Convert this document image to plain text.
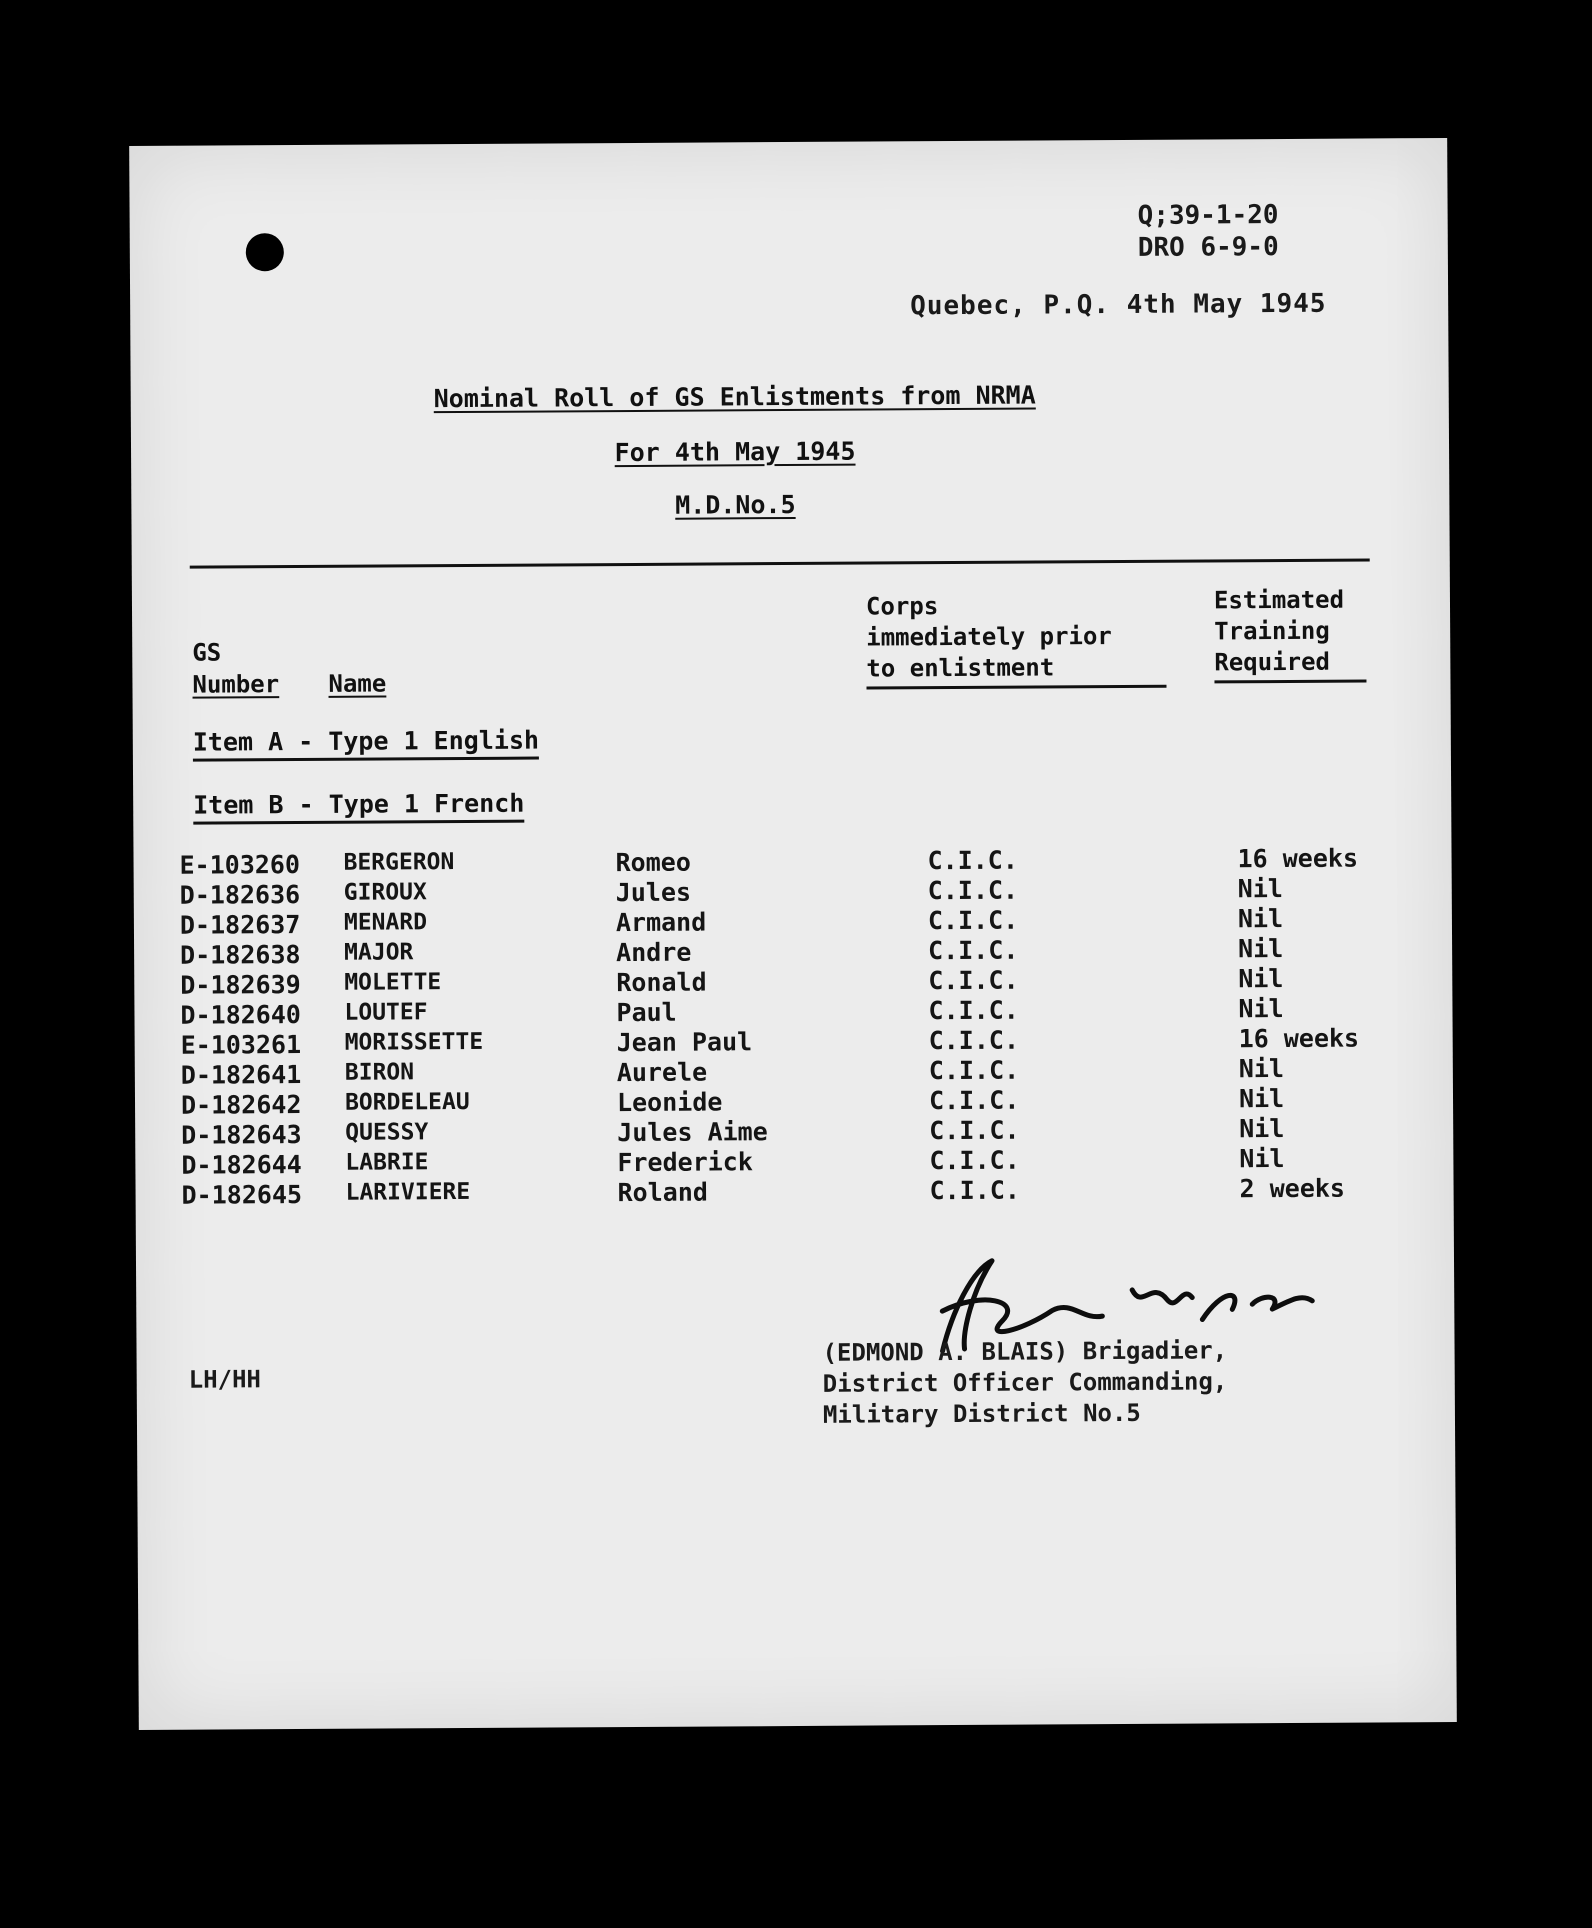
Q;39-1-20
DRO 6-9-0
Quebec, P.Q. 4th May 1945
Nominal Roll of GS Enlistments from NRMA
For 4th May 1945
M.D.No.5
GS
Number Name
Corps
immediately prior
to enlistment
Estimated
Training
Required
Item A - Type 1 English
Item B - Type 1 French
E-103260 BERGERON	Romeo	C.I.C.	16 weeks
D-182636 GIROUX	Jules	C.I.C.	Nil
D-182637 MENARD	Armand	C.I.C.	Nil
D-182638 MAJOR	Andre	C.I.C.	Nil
D-182639 MOLETTE	Ronald	C.I.C.	Nil
D-182640 LOUTEF	Paul	C.I.C.	Nil
E-103261 MORISSETTE	Jean Paul	C.I.C.	16 weeks
D-182641 BIRON	Aurele	C.I.C.	Nil
D-182642 BORDELEAU	Leonide	C.I.C.	Nil
D-182643 QUESSY	Jules Aime	C.I.C.	Nil
D-182644 LABRIE	Frederick	C.I.C.	Nil
D-182645 LARIVIERE	Roland	C.I.C.	2 weeks
LH/HH
(EDMOND A. BLAIS) Brigadier,
District Officer Commanding,
Military District No.5
